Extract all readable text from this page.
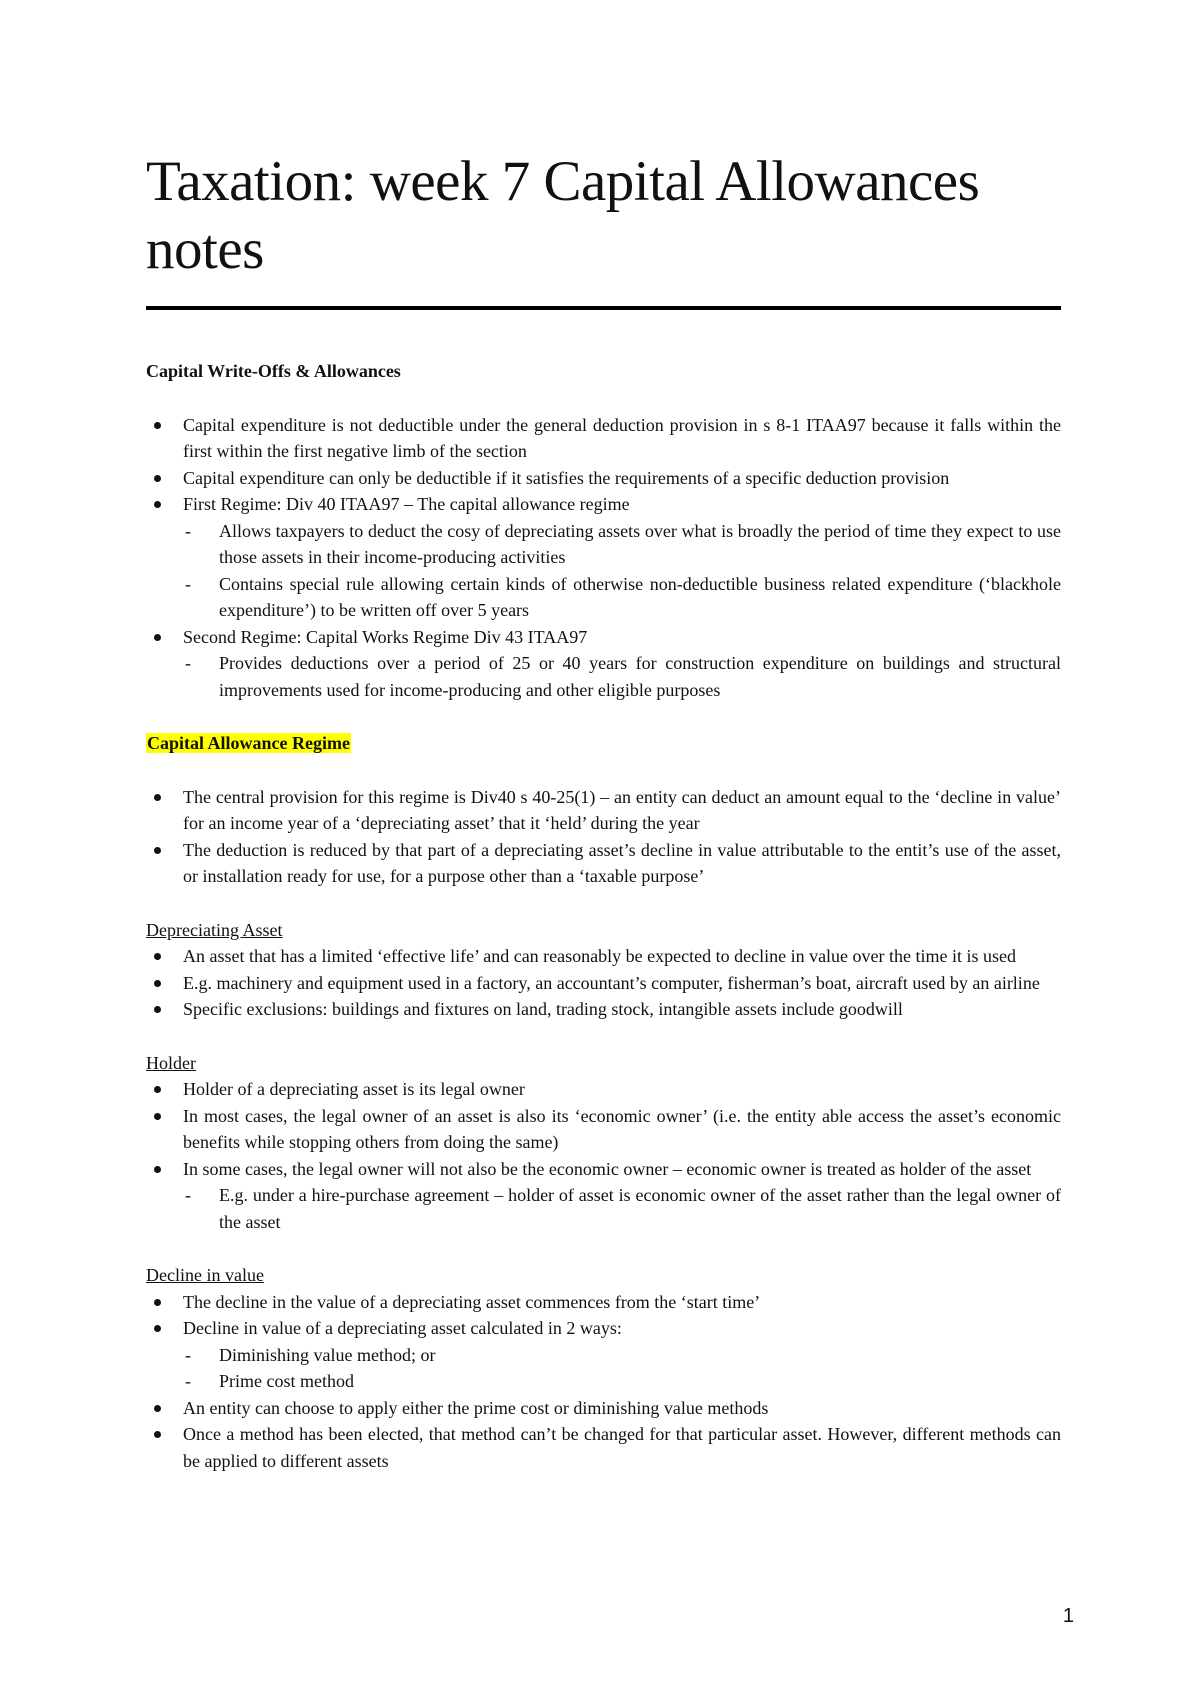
Taxation: week 7 Capital Allowances notes

Capital Write-Offs & Allowances

Capital expenditure is not deductible under the general deduction provision in s 8-1 ITAA97 because it falls within the first within the first negative limb of the section
Capital expenditure can only be deductible if it satisfies the requirements of a specific deduction provision
First Regime: Div 40 ITAA97 – The capital allowance regime
- Allows taxpayers to deduct the cosy of depreciating assets over what is broadly the period of time they expect to use those assets in their income-producing activities
- Contains special rule allowing certain kinds of otherwise non-deductible business related expenditure (‘blackhole expenditure’) to be written off over 5 years
Second Regime: Capital Works Regime Div 43 ITAA97
- Provides deductions over a period of 25 or 40 years for construction expenditure on buildings and structural improvements used for income-producing and other eligible purposes

Capital Allowance Regime

The central provision for this regime is Div40 s 40-25(1) – an entity can deduct an amount equal to the ‘decline in value’ for an income year of a ‘depreciating asset’ that it ‘held’ during the year
The deduction is reduced by that part of a depreciating asset’s decline in value attributable to the entit’s use of the asset, or installation ready for use, for a purpose other than a ‘taxable purpose’

Depreciating Asset

An asset that has a limited ‘effective life’ and can reasonably be expected to decline in value over the time it is used
E.g. machinery and equipment used in a factory, an accountant’s computer, fisherman’s boat, aircraft used by an airline
Specific exclusions: buildings and fixtures on land, trading stock, intangible assets include goodwill

Holder

Holder of a depreciating asset is its legal owner
In most cases, the legal owner of an asset is also its ‘economic owner’ (i.e. the entity able access the asset’s economic benefits while stopping others from doing the same)
In some cases, the legal owner will not also be the economic owner – economic owner is treated as holder of the asset
- E.g. under a hire-purchase agreement – holder of asset is economic owner of the asset rather than the legal owner of the asset

Decline in value

The decline in the value of a depreciating asset commences from the ‘start time’
Decline in value of a depreciating asset calculated in 2 ways:
- Diminishing value method; or
- Prime cost method
An entity can choose to apply either the prime cost or diminishing value methods
Once a method has been elected, that method can’t be changed for that particular asset. However, different methods can be applied to different assets
1
